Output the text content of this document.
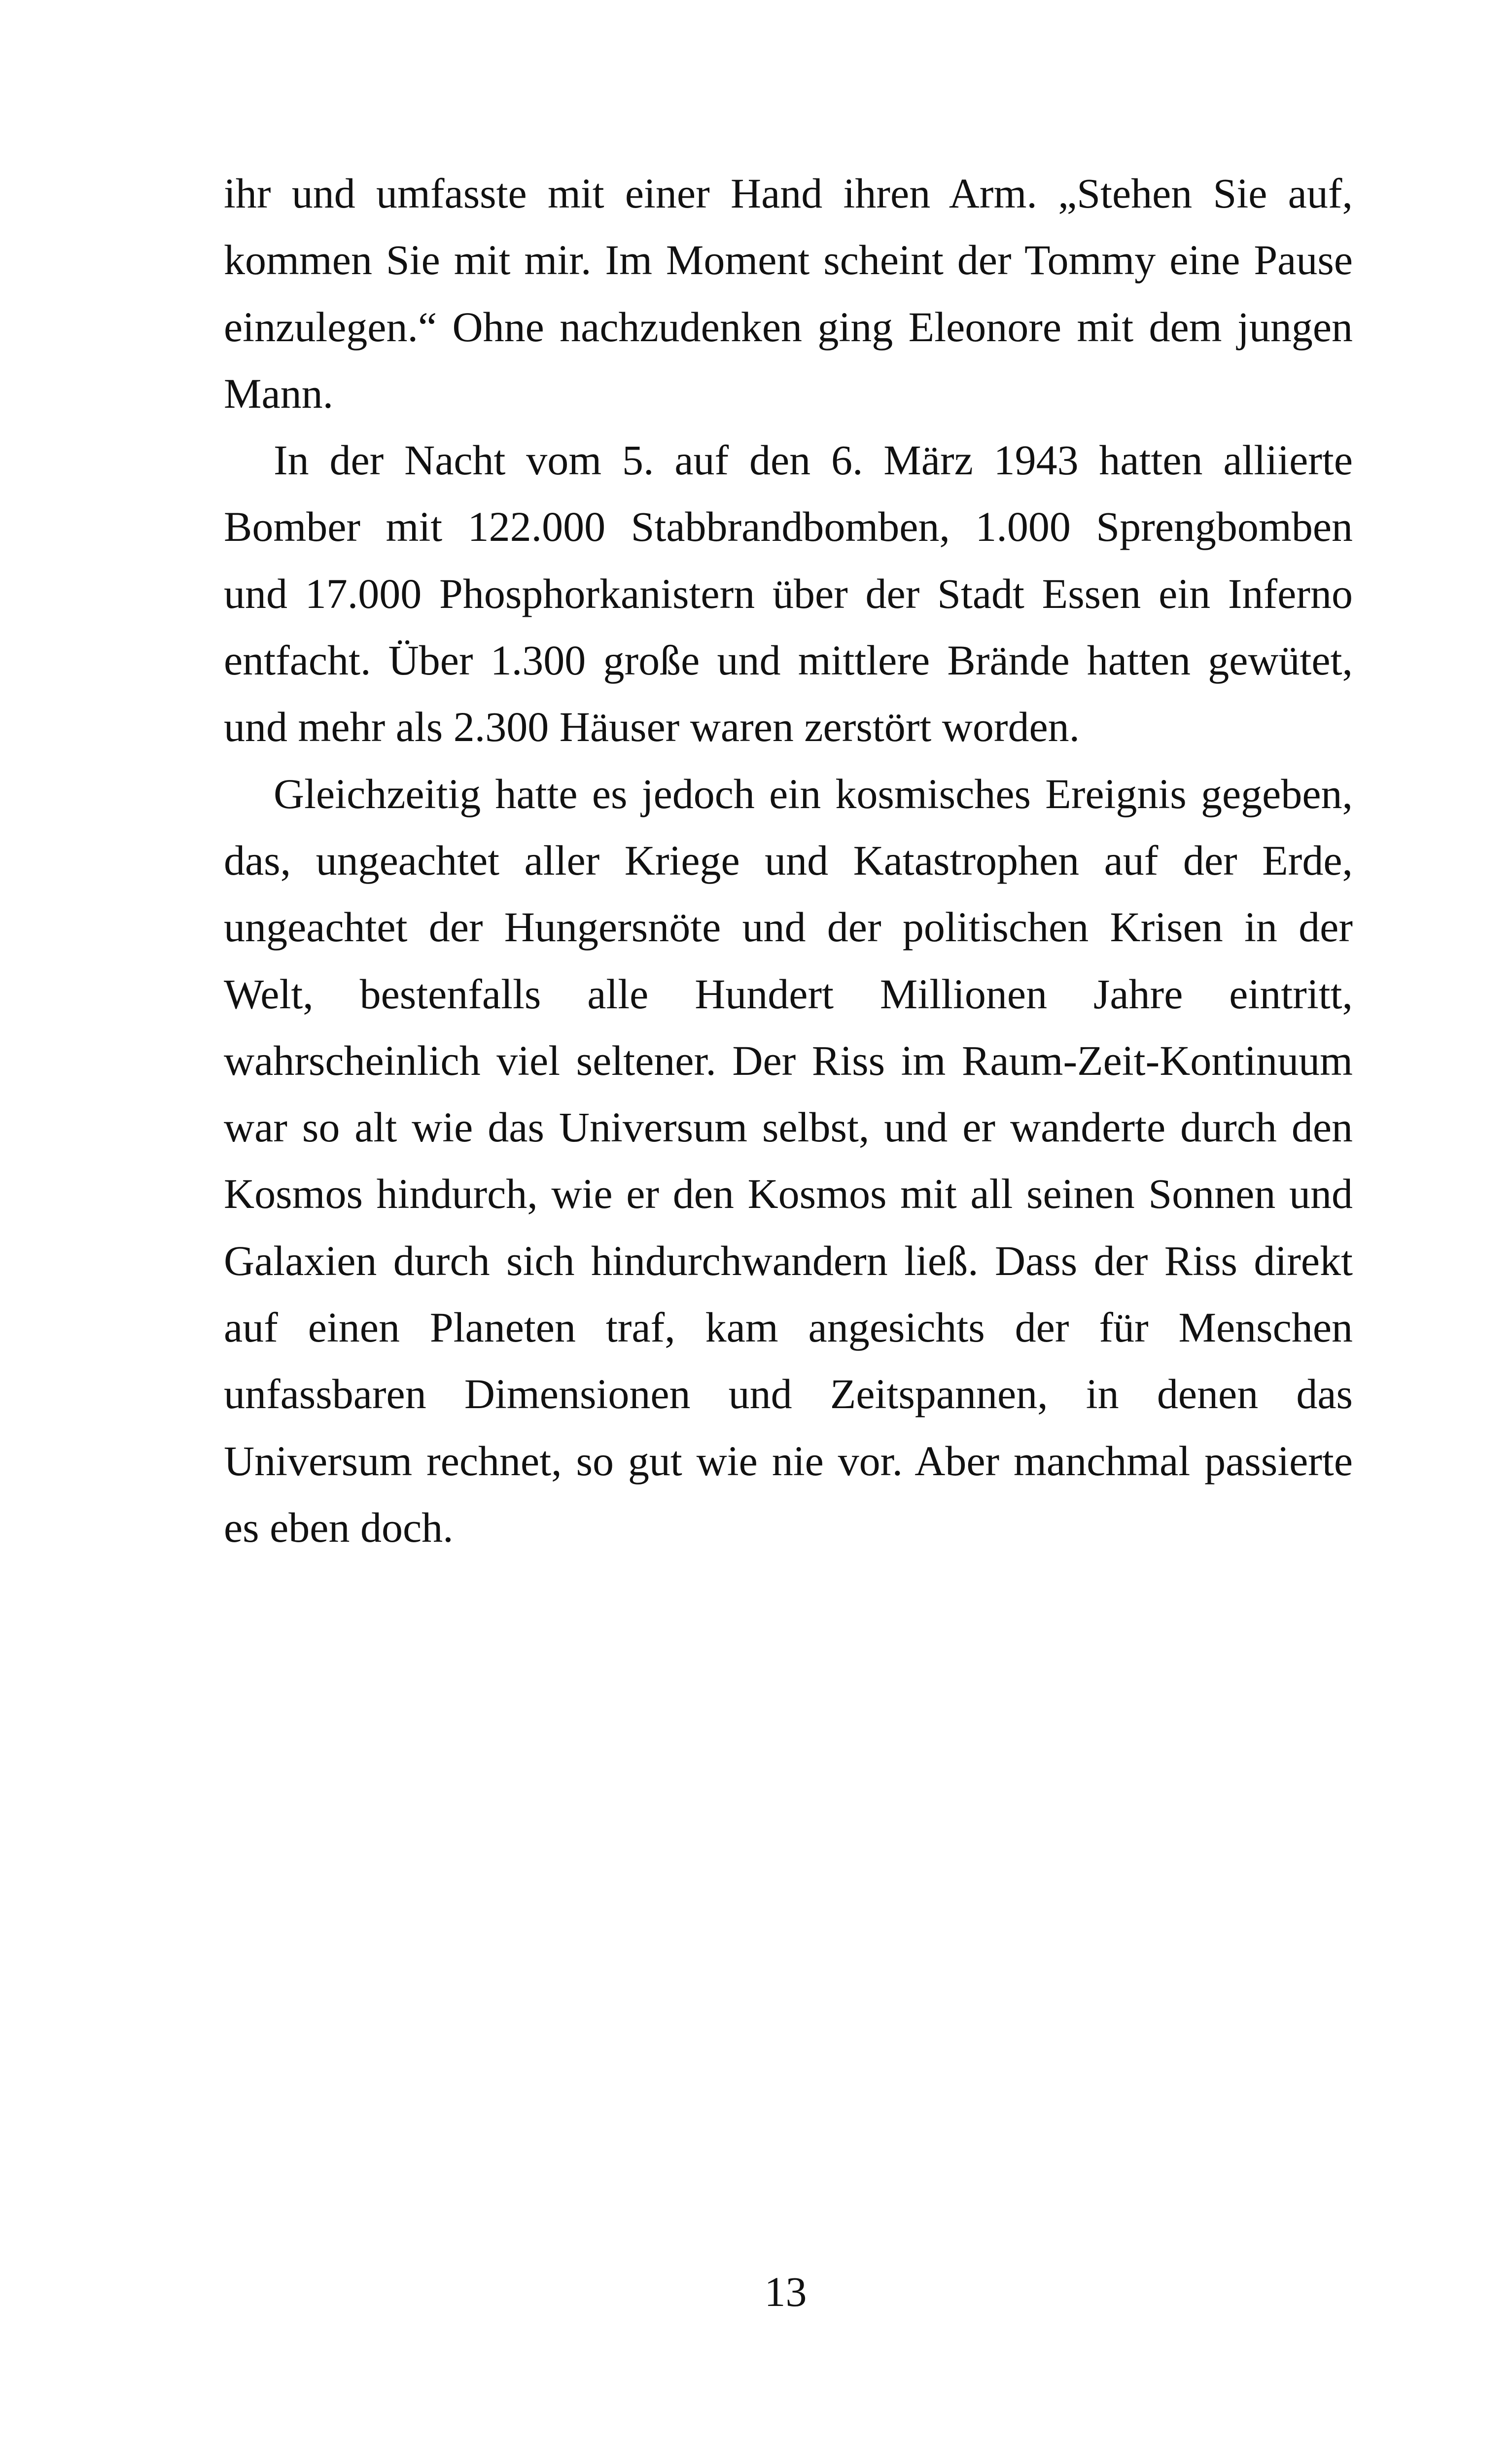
ihr und umfasste mit einer Hand ihren Arm. „Stehen Sie auf, kommen Sie mit mir. Im Moment scheint der Tommy eine Pause einzulegen.“ Ohne nachzudenken ging Eleonore mit dem jungen Mann.

In der Nacht vom 5. auf den 6. März 1943 hatten alliierte Bomber mit 122.000 Stabbrandbomben, 1.000 Sprengbomben und 17.000 Phosphorkanistern über der Stadt Essen ein Inferno entfacht. Über 1.300 große und mittlere Brände hatten gewütet, und mehr als 2.300 Häuser waren zerstört worden.

Gleichzeitig hatte es jedoch ein kosmisches Ereignis gegeben, das, ungeachtet aller Kriege und Katastrophen auf der Erde, ungeachtet der Hungersnöte und der politischen Krisen in der Welt, bestenfalls alle Hundert Millionen Jahre eintritt, wahrscheinlich viel seltener. Der Riss im Raum-Zeit-Kontinuum war so alt wie das Universum selbst, und er wanderte durch den Kosmos hindurch, wie er den Kosmos mit all seinen Sonnen und Galaxien durch sich hindurchwandern ließ. Dass der Riss direkt auf einen Planeten traf, kam angesichts der für Menschen unfassbaren Dimensionen und Zeitspannen, in denen das Universum rechnet, so gut wie nie vor. Aber manchmal passierte es eben doch.

13
